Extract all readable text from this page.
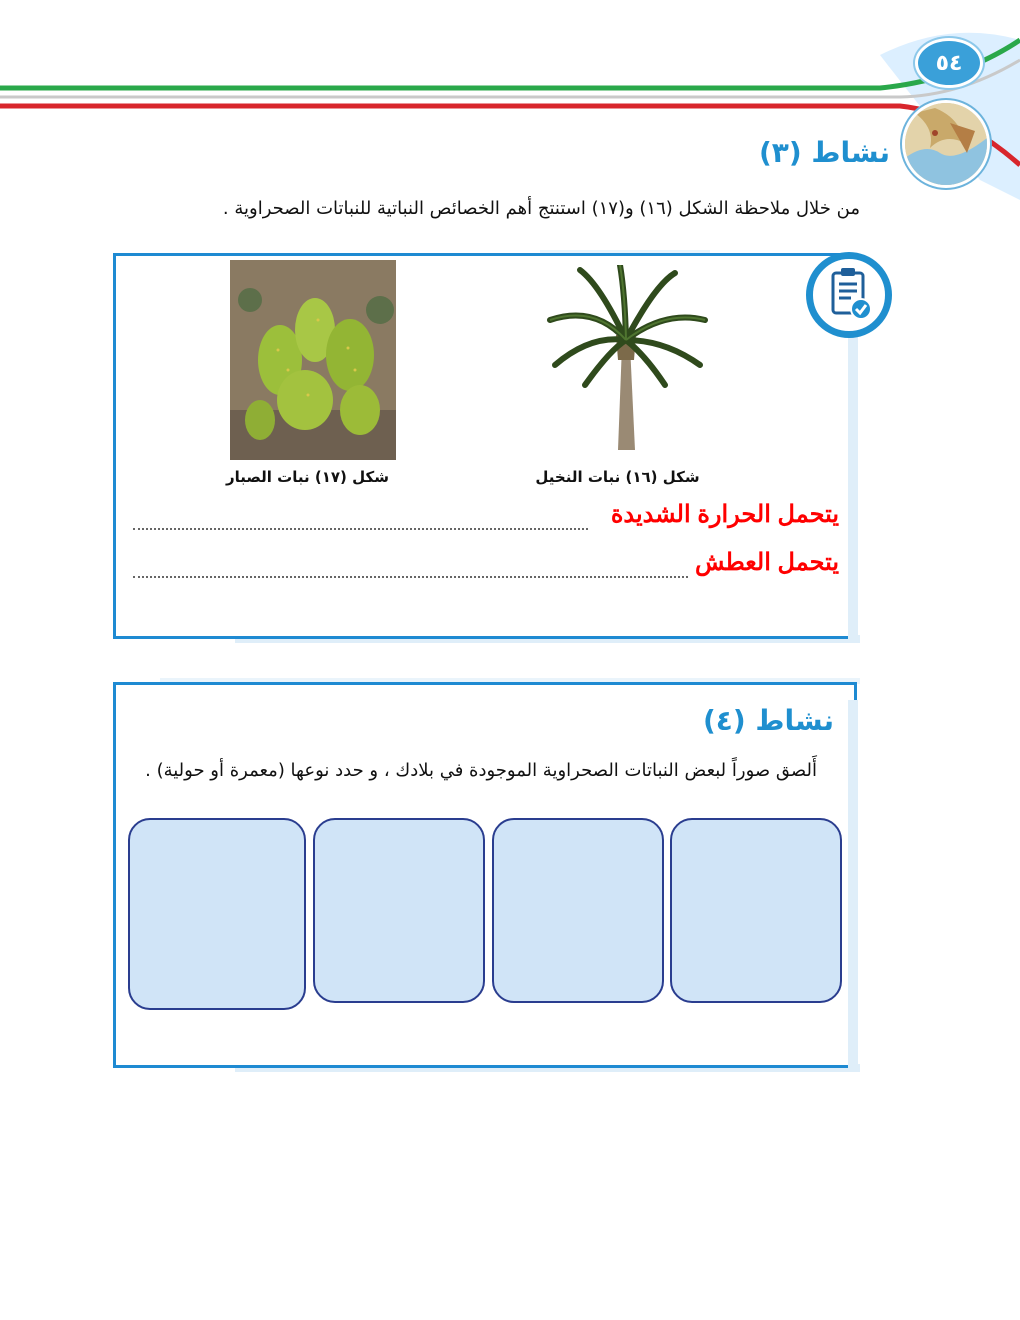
٥٤
نشاط (٣)
من خلال ملاحظة الشكل (١٦) و(١٧) استنتج أهم الخصائص النباتية للنباتات الصحراوية .
شكل (١٧) نبات الصبار	شكل (١٦) نبات النخيل
يتحمل الحرارة الشديدة
يتحمل العطش
نشاط (٤)
أَلصق صوراً لبعض النباتات الصحراوية الموجودة في بلادك ، و حدد نوعها (معمرة أو حولية) .
